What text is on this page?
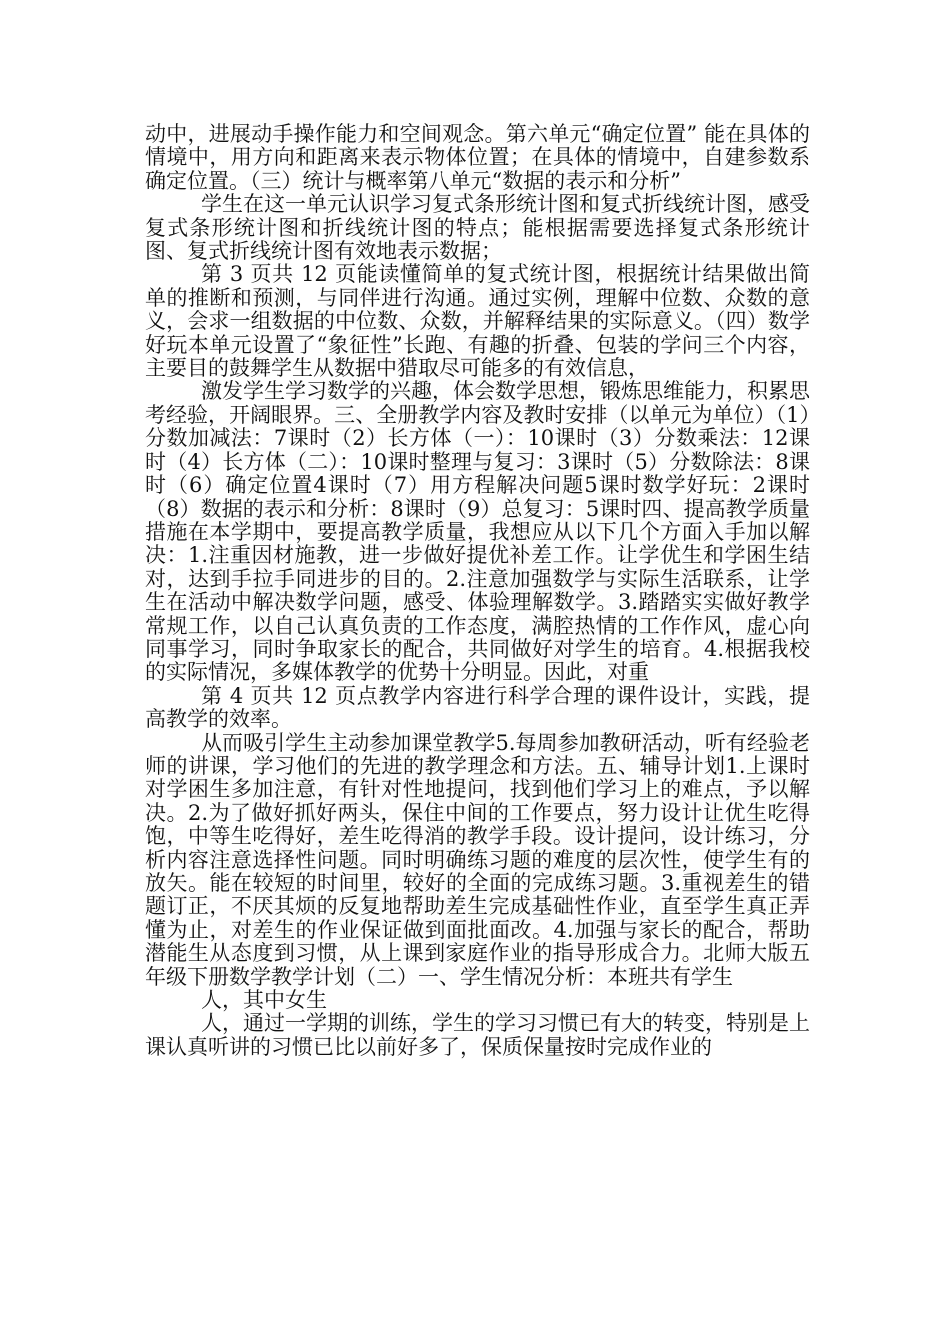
动中，进展动手操作能力和空间观念。第六单元“确定位置” 能在具体的情境中，用方向和距离来表示物体位置；在具体的情境中，自建参数系确定位置。（三）统计与概率第八单元“数据的表示和分析”

学生在这一单元认识学习复式条形统计图和复式折线统计图，感受复式条形统计图和折线统计图的特点；能根据需要选择复式条形统计图、复式折线统计图有效地表示数据；

第 3 页共 12 页能读懂简单的复式统计图，根据统计结果做出简单的推断和预测，与同伴进行沟通。通过实例，理解中位数、众数的意义，会求一组数据的中位数、众数，并解释结果的实际意义。（四）数学好玩本单元设置了“象征性”长跑、有趣的折叠、包装的学问三个内容，主要目的鼓舞学生从数据中猎取尽可能多的有效信息，

激发学生学习数学的兴趣，体会数学思想，锻炼思维能力，积累思考经验，开阔眼界。三、全册教学内容及教时安排（以单元为单位）（1）分数加减法：7课时（2）长方体（一）：10课时（3）分数乘法：12课时（4）长方体（二）：10课时整理与复习：3课时（5）分数除法：8课时（6）确定位置4课时（7）用方程解决问题5课时数学好玩：2课时（8）数据的表示和分析：8课时（9）总复习：5课时四、提高教学质量措施在本学期中，要提高教学质量，我想应从以下几个方面入手加以解决：1.注重因材施教，进一步做好提优补差工作。让学优生和学困生结对，达到手拉手同进步的目的。2.注意加强数学与实际生活联系，让学生在活动中解决数学问题，感受、体验理解数学。3.踏踏实实做好教学常规工作，以自己认真负责的工作态度，满腔热情的工作作风，虚心向同事学习，同时争取家长的配合，共同做好对学生的培育。4.根据我校的实际情况，多媒体教学的优势十分明显。因此，对重

第 4 页共 12 页点教学内容进行科学合理的课件设计，实践，提高教学的效率。

从而吸引学生主动参加课堂教学5.每周参加教研活动，听有经验老师的讲课，学习他们的先进的教学理念和方法。五、辅导计划1.上课时对学困生多加注意，有针对性地提问，找到他们学习上的难点，予以解决。2.为了做好抓好两头，保住中间的工作要点，努力设计让优生吃得饱，中等生吃得好，差生吃得消的教学手段。设计提问，设计练习，分析内容注意选择性问题。同时明确练习题的难度的层次性，使学生有的放矢。能在较短的时间里，较好的全面的完成练习题。3.重视差生的错题订正，不厌其烦的反复地帮助差生完成基础性作业，直至学生真正弄懂为止，对差生的作业保证做到面批面改。4.加强与家长的配合，帮助潜能生从态度到习惯，从上课到家庭作业的指导形成合力。北师大版五年级下册数学教学计划（二）一、学生情况分析：本班共有学生

人，其中女生

人，通过一学期的训练，学生的学习习惯已有大的转变，特别是上课认真听讲的习惯已比以前好多了，保质保量按时完成作业的
